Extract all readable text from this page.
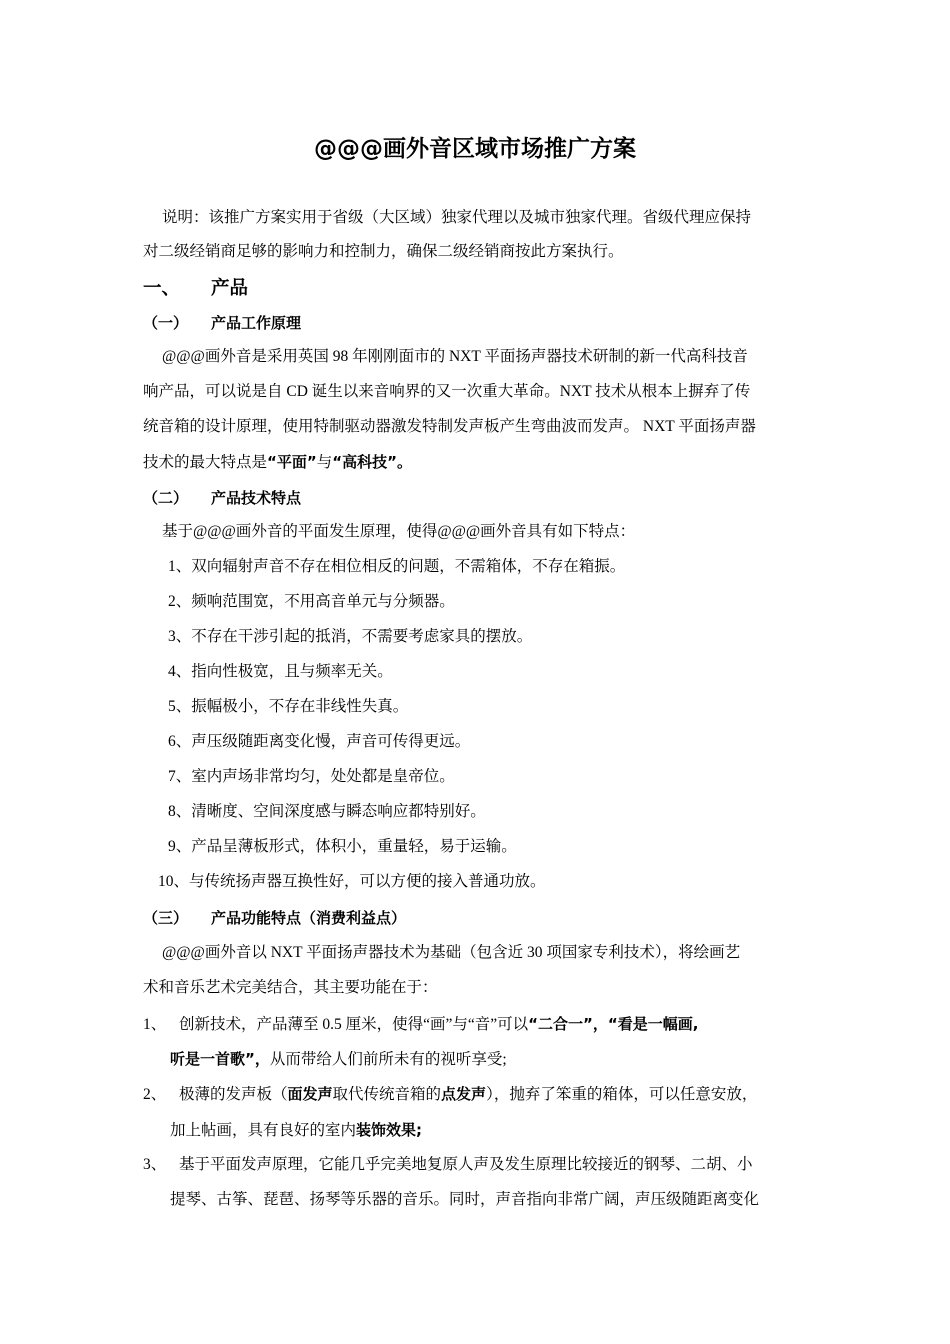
@@@画外音区域市场推广方案
说明：该推广方案实用于省级（大区域）独家代理以及城市独家代理。省级代理应保持
对二级经销商足够的影响力和控制力，确保二级经销商按此方案执行。
一、 产品
（一） 产品工作原理
@@@画外音是采用英国 98 年刚刚面市的 NXT 平面扬声器技术研制的新一代高科技音
响产品，可以说是自 CD 诞生以来音响界的又一次重大革命。NXT 技术从根本上摒弃了传
统音箱的设计原理，使用特制驱动器激发特制发声板产生弯曲波而发声。 NXT 平面扬声器
技术的最大特点是“平面”与“高科技”。
（二） 产品技术特点
基于@@@画外音的平面发生原理，使得@@@画外音具有如下特点：
1、双向辐射声音不存在相位相反的问题，不需箱体，不存在箱振。
2、频响范围宽，不用高音单元与分频器。
3、不存在干涉引起的抵消，不需要考虑家具的摆放。
4、指向性极宽，且与频率无关。
5、振幅极小，不存在非线性失真。
6、声压级随距离变化慢，声音可传得更远。
7、室内声场非常均匀，处处都是皇帝位。
8、清晰度、空间深度感与瞬态响应都特别好。
9、产品呈薄板形式，体积小，重量轻，易于运输。
10、与传统扬声器互换性好，可以方便的接入普通功放。
（三） 产品功能特点（消费利益点）
@@@画外音以 NXT 平面扬声器技术为基础（包含近 30 项国家专利技术），将绘画艺
术和音乐艺术完美结合，其主要功能在于：
1、 创新技术，产品薄至 0.5 厘米，使得“画”与“音”可以“二合一”，“看是一幅画,
听是一首歌”，从而带给人们前所未有的视听享受;
2、 极薄的发声板（面发声取代传统音箱的点发声），抛弃了笨重的箱体，可以任意安放，
加上帖画，具有良好的室内装饰效果;
3、 基于平面发声原理，它能几乎完美地复原人声及发生原理比较接近的钢琴、二胡、小
提琴、古筝、琵琶、扬琴等乐器的音乐。同时，声音指向非常广阔，声压级随距离变化
